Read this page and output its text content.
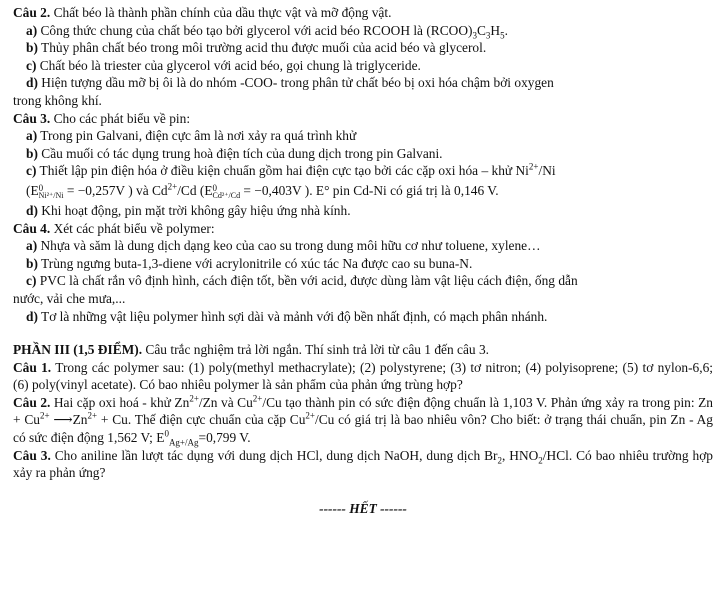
Câu 2. Chất béo là thành phần chính của dầu thực vật và mỡ động vật.

a) Công thức chung của chất béo tạo bởi glycerol với acid béo RCOOH là $(RCOO)_3C_3H_5$.

b) Thủy phân chất béo trong môi trường acid thu được muối của acid béo và glycerol.

c) Chất béo là triester của glycerol với acid béo, gọi chung là triglyceride.

d) Hiện tượng dầu mỡ bị ôi là do nhóm -COO- trong phân tử chất béo bị oxi hóa chậm bởi oxygen

trong không khí.

Câu 3. Cho các phát biểu về pin:

a) Trong pin Galvani, điện cực âm là nơi xảy ra quá trình khử

b) Cầu muối có tác dụng trung hoà điện tích của dung dịch trong pin Galvani.

c) Thiết lập pin điện hóa ở điều kiện chuẩn gồm hai điện cực tạo bởi các cặp oxi hóa – khử $Ni^{2+}/Ni$

(E 0
Ni²⁺/Ni = −0,257V ) và $Cd^{2+}/Cd$ (E 0
Cd²⁺/Cd = −0,403V ). E° pin Cd-Ni có giá trị là 0,146 V.

d) Khi hoạt động, pin mặt trời không gây hiệu ứng nhà kính.

Câu 4. Xét các phát biểu về polymer:

a) Nhựa và săm là dung dịch dạng keo của cao su trong dung môi hữu cơ như toluene, xylene…

b) Trùng ngưng buta-1,3-diene với acrylonitrile có xúc tác Na được cao su buna-N.

c) PVC là chất rắn vô định hình, cách điện tốt, bền với acid, được dùng làm vật liệu cách điện, ống dẫn

nước, vải che mưa,...

d) Tơ là những vật liệu polymer hình sợi dài và mảnh với độ bền nhất định, có mạch phân nhánh.

PHẦN III (1,5 ĐIỂM). Câu trắc nghiệm trả lời ngắn. Thí sinh trả lời từ câu 1 đến câu 3.

Câu 1. Trong các polymer sau: (1) poly(methyl methacrylate); (2) polystyrene; (3) tơ nitron; (4) polyisoprene; (5) tơ nylon-6,6; (6) poly(vinyl acetate). Có bao nhiêu polymer là sản phẩm của phản ứng trùng hợp?

Câu 2. Hai cặp oxi hoá - khử $Zn^{2+}/Zn$ và $Cu^{2+}/Cu$ tạo thành pin có sức điện động chuẩn là 1,103 V. Phản ứng xảy ra trong pin: $Zn + Cu^{2+}$ $⟶Zn^{2+} + Cu$. Thế điện cực chuẩn của cặp $Cu^{2+}/Cu$ có giá trị là bao nhiêu vôn? Cho biết: ở trạng thái chuẩn, pin Zn - Ag có sức điện động 1,562 V; $E^0_{Ag+/Ag}=0,799$ V.

Câu 3. Cho aniline lần lượt tác dụng với dung dịch HCl, dung dịch NaOH, dung dịch $Br_2$, $HNO_2$/HCl. Có bao nhiêu trường hợp xảy ra phản ứng?

------ HẾT ------
